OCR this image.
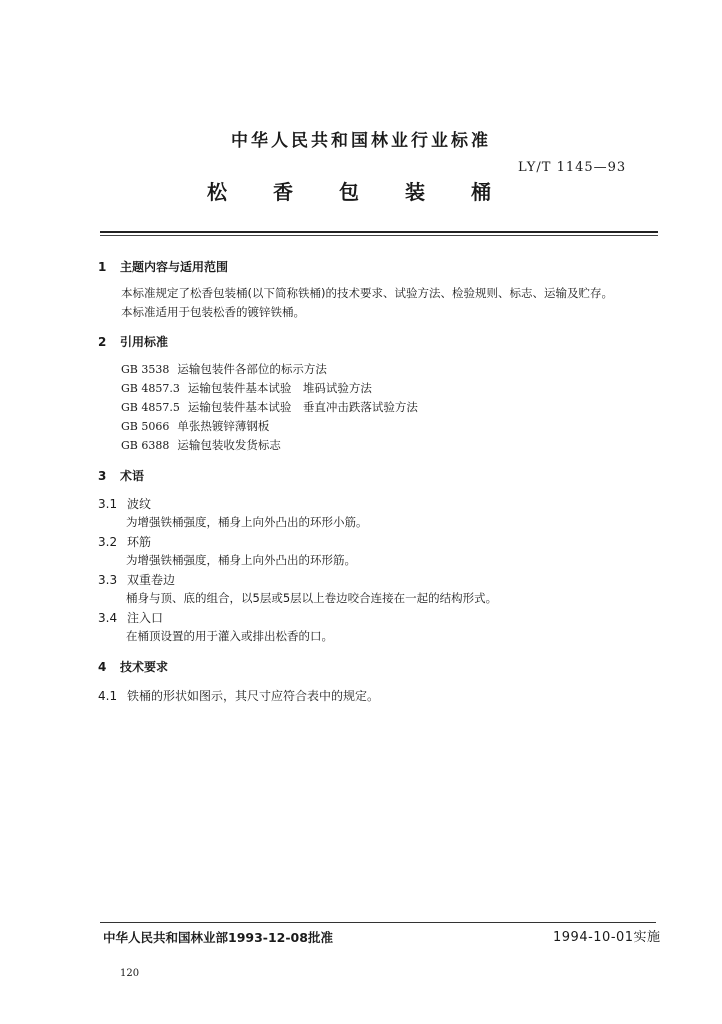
中华人民共和国林业行业标准
LY/T 1145—93
松香包装桶
1 主题内容与适用范围
本标准规定了松香包装桶(以下简称铁桶)的技术要求、试验方法、检验规则、标志、运输及贮存。
本标准适用于包装松香的镀锌铁桶。
2 引用标准
GB 3538 运输包装件各部位的标示方法
GB 4857.3 运输包装件基本试验　堆码试验方法
GB 4857.5 运输包装件基本试验　垂直冲击跌落试验方法
GB 5066 单张热镀锌薄钢板
GB 6388 运输包装收发货标志
3 术语
3.1 波纹
为增强铁桶强度，桶身上向外凸出的环形小筋。
3.2 环筋
为增强铁桶强度，桶身上向外凸出的环形筋。
3.3 双重卷边
桶身与顶、底的组合，以5层或5层以上卷边咬合连接在一起的结构形式。
3.4 注入口
在桶顶设置的用于灌入或排出松香的口。
4 技术要求
4.1 铁桶的形状如图示，其尺寸应符合表中的规定。
中华人民共和国林业部1993-12-08批准	1994-10-01实施
120
